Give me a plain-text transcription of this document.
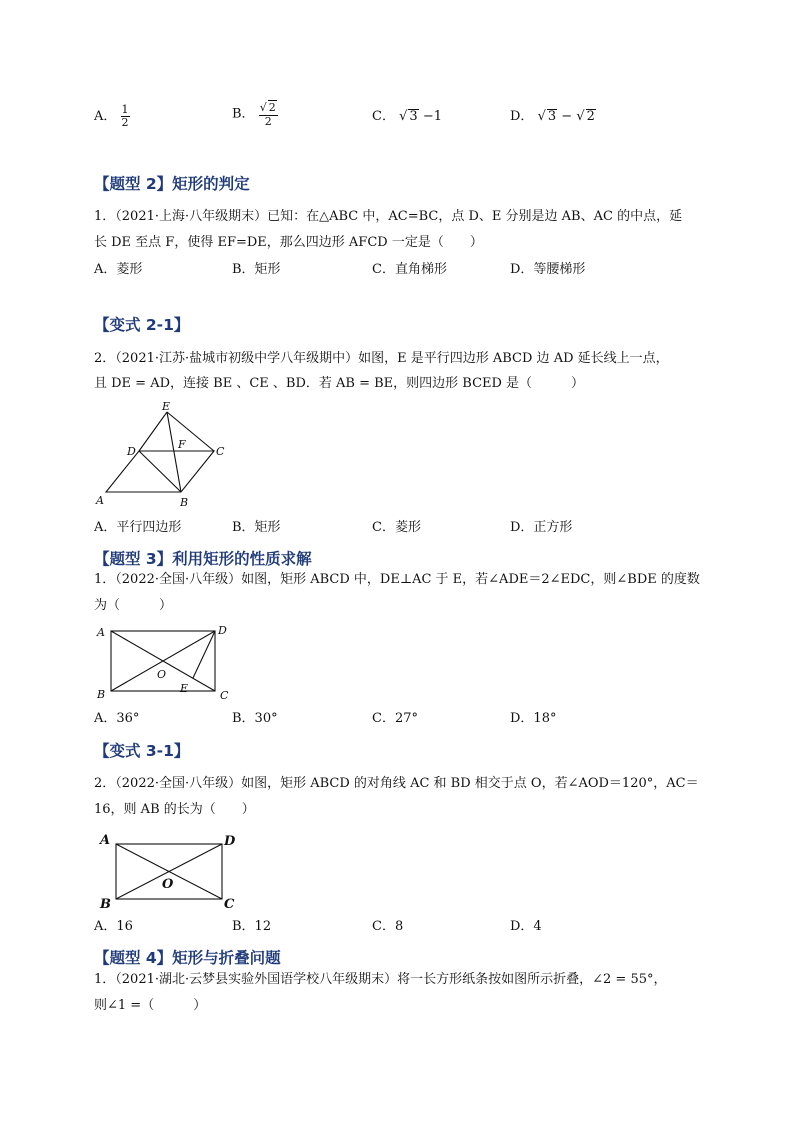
A． $\frac{1}{2}$	B． $\frac{√ 2}{2}$	C． √ 3 −1	D． √ 3 − √ 2
【题型 2】矩形的判定
1．（2021·上海·八年级期末）已知：在△ABC 中，AC=BC，点 D、E 分别是边 AB、AC 的中点，延
长 DE 至点 F，使得 EF=DE，那么四边形 AFCD 一定是（　　）
A．菱形	B．矩形	C．直角梯形	D．等腰梯形
【变式 2-1】
2．（2021·江苏·盐城市初级中学八年级期中）如图，E 是平行四边形 ABCD 边 AD 延长线上一点，
且 DE = AD，连接 BE 、CE 、BD．若 AB = BE，则四边形 BCED 是（　　　）
E
F
D	C
A	B
A．平行四边形	B．矩形	C．菱形	D．正方形
【题型 3】利用矩形的性质求解
1．（2022·全国·八年级）如图，矩形 ABCD 中，DE⊥AC 于 E，若∠ADE＝2∠EDC，则∠BDE 的度数
为（　　　）
A	D
O
E
B	C
A．36°	B．30°	C．27°	D．18°
【变式 3-1】
2．（2022·全国·八年级）如图，矩形 ABCD 的对角线 AC 和 BD 相交于点 O，若∠AOD＝120°，AC＝
16，则 AB 的长为（　　）
A	D
O
B	C
A．16	B．12	C．8	D．4
【题型 4】矩形与折叠问题
1．（2021·湖北·云梦县实验外国语学校八年级期末）将一长方形纸条按如图所示折叠，∠2 = 55°，
则∠1 =（　　　）
